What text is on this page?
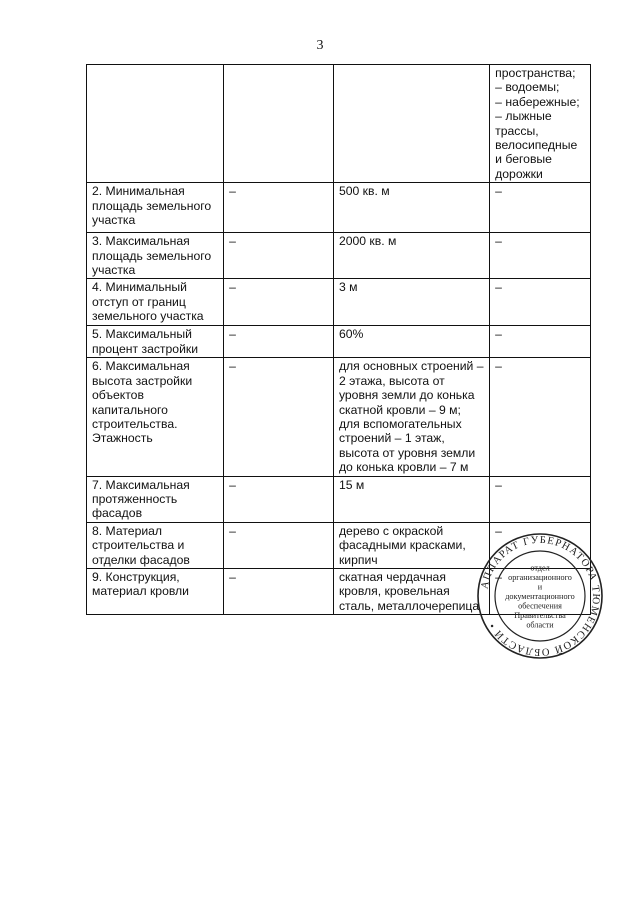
3
			пространства;
– водоемы;
– набережные;
– лыжные трассы, велосипедные и беговые дорожки
2. Минимальная площадь земельного участка	–	500 кв. м	–
3. Максимальная площадь земельного участка	–	2000 кв. м	–
4. Минимальный отступ от границ земельного участка	–	3 м	–
5. Максимальный процент застройки	–	60%	–
6. Максимальная высота застройки объектов капитального строительства. Этажность	–	для основных строений – 2 этажа, высота от уровня земли до конька скатной кровли – 9 м;
для вспомогательных строений – 1 этаж, высота от уровня земли до конька кровли – 7 м	–
7. Максимальная протяженность фасадов	–	15 м	–
8. Материал строительства и отделки фасадов	–	дерево с окраской фасадными красками, кирпич	–
9. Конструкция, материал кровли	–	скатная чердачная кровля, кровельная сталь, металлочерепица	–
АППАРАТ ГУБЕРНАТОРА ТЮМЕНСКОЙ ОБЛАСТИ •
отдел
организационного
и
документационного
обеспечения
Правительства
области
